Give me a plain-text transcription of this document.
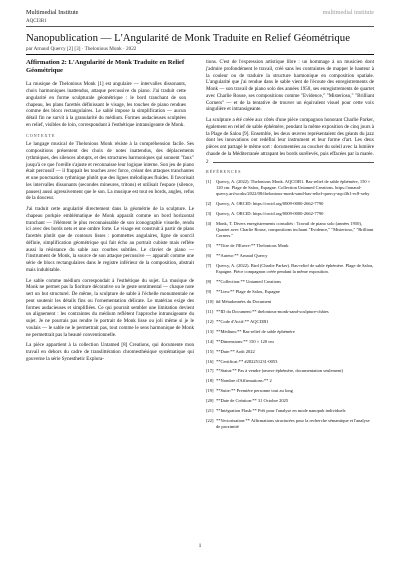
Multimedial Institute	multimedial institute
AQCI3B1
Nanopublication — L'Angularité de Monk Traduite en Relief Géométrique
par Arnaud Quercy [2] [3] · Thelonious Monk · 2022
Affirmation 2: L'Angularité de Monk Traduite en Relief Géométrique

La musique de Thelonious Monk [1] est angulaire — intervalles dissonants, choix harmoniques inattendus, attaque percussive du piano. J'ai traduit cette angularité en forme sculpturale géométrique : le bord tranchant de son chapeau, les plans facettés définissant le visage, les touches de piano rendues comme des blocs rectangulaires. Le sablé impose la simplification — aucun détail fin ne survit à la granularité du médium. Formes audacieuses sculptées en relief, visibles de loin, correspondant à l'esthétique intransigeante de Monk.

CONTEXTE

Le langage musical de Thelonious Monk résiste à la compréhension facile. Ses compositions présentent des choix de notes inattendus, des déplacements rythmiques, des silences abrupts, et des structures harmoniques qui sonnent "faux" jusqu'à ce que l'oreille s'ajuste et reconnaisse leur logique interne. Son jeu de piano était percussif — il frappait les touches avec force, créant des attaques tranchantes et une ponctuation rythmique plutôt que des lignes mélodiques fluides. Il favorisait les intervalles dissonants (secondes mineures, tritons) et utilisait l'espace (silence, pauses) aussi agressivement que le son. La musique est tout en bords, angles, refus de la douceur.

J'ai traduit cette angularité directement dans la géométrie de la sculpture. Le chapeau porkpie emblématique de Monk apparaît comme un bord horizontal tranchant — l'élément le plus reconnaissable de son iconographie visuelle, rendu ici avec des bords nets et une ombre forte. Le visage est construit à partir de plans facettés plutôt que de contours lisses : pommettes angulaires, ligne de sourcil définie, simplification géométrique qui fait écho au portrait cubiste mais reflète aussi la résistance du sable aux courbes subtiles. Le clavier de piano — l'instrument de Monk, la source de son attaque percussive — apparaît comme une série de blocs rectangulaires dans le registre inférieur de la composition, abstrait mais indubitable.

Le sable comme médium correspondait à l'esthétique du sujet. La musique de Monk ne permet pas la fioriture décorative ou le geste sentimental — chaque note sert un but structurel. De même, la sculpture de sable à l'échelle monumentale ne peut soutenir les détails fins ou l'ornementation délicate. Le matériau exige des formes audacieuses et simplifiées. Ce qui pourrait sembler une limitation devient un alignement : les contraintes du médium reflètent l'approche intransigeante du sujet. Je ne pourrais pas rendre le portrait de Monk lisse ou joli même si je le voulais — le sable ne le permettrait pas, tout comme le sens harmonique de Monk ne permettrait pas la beauté conventionnelle.

La pièce appartient à la collection Untamed [8] Creations, qui documente mon travail en dehors du cadre de translittération chromesthésique systématique qui gouverne la série Synesthetic Explora-

tions. C'est de l'expression artistique libre : un hommage à un musicien dont j'admire profondément le travail, créé sans les contraintes de mapper le hauteur à la couleur ou de traduire la structure harmonique en composition spatiale. L'angularité que j'ai rendue dans le sable vient de l'écoute des enregistrements de Monk — son travail de piano solo des années 1950, ses enregistrements de quartet avec Charlie Rouse, ses compositions comme "Evidence," "Misterioso," "Brilliant Corners" — et de la tentative de trouver un équivalent visuel pour cette voix singulière et intransigeante.

La sculpture a été créée aux côtés d'une pièce compagnon honorant Charlie Parker, également en relief de sable éphémère, pendant la même exposition de cinq jours à la Plage de Salou [9]. Ensemble, les deux œuvres représentaient des géants du jazz dont les innovations ont redéfini leur instrument et leur forme d'art. Les deux pièces ont partagé le même sort : documentées au coucher du soleil avec la lumière chaude de la Méditerranée attrapant les bords surélevés, puis effacées par la marée.

2
RÉFÉRENCES
[1]	Quercy, A. (2022). Thelonious Monk. AQCI3B1. Bas-relief de sable éphémère, 150 × 120 cm. Plage de Salou, Espagne. Collection Untamed Creations. https://arnaud-quercy.art/works/2022/08/thelonious-monk-sand-bas-relief-quercy-aqci3b1-ec8-xeby
[2]	Quercy, A. ORCID: https://orcid.org/0009-0000-2662-7790
[3]	Quercy, A. ORCID: https://orcid.org/0009-0000-2662-7790
[4]	Monk, T. Divers enregistrements consultés : Travail de piano solo (années 1950), Quartet avec Charlie Rouse, compositions incluant "Evidence," "Misterioso," "Brilliant Corners."
[5]	**Titre de l'Œuvre:** Thelonious Monk
[6]	**Auteur:** Arnaud Quercy
[7]	Quercy, A. (2022). Bird (Charlie Parker). Bas-relief de sable éphémère. Plage de Salou, Espagne. Pièce compagnon créée pendant la même exposition.
[8]	**Collection:** Untamed Creations
[9]	**Lieu:** Plage de Salou, Espagne
[10] ## Métadonnées du Document
[11] **ID du Document:** thelonious-monk-sand-sculpture-châtes
[12] **Code d'Actif:** AQCI3B1
[13] **Médium:** Bas-relief de sable éphémère
[14] **Dimensions:** 150 × 120 cm
[15] **Date:** Août 2022
[16] **Certificat:** #282251231-0053
[17] **Statut:** Pas à vendre (œuvre éphémère, documentation seulement)
[18] **Nombre d'Affirmations:** 2
[19] **Suite:** Première personne tout au long
[20] **Date de Création:** 31 Octobre 2025
[21] **Intégration Flask:** Prêt pour l'analyse en mode nanopub individuels
[22] **Vectorisation:** Affirmations structurées pour la recherche sémantique et l'analyse de proximité
1
